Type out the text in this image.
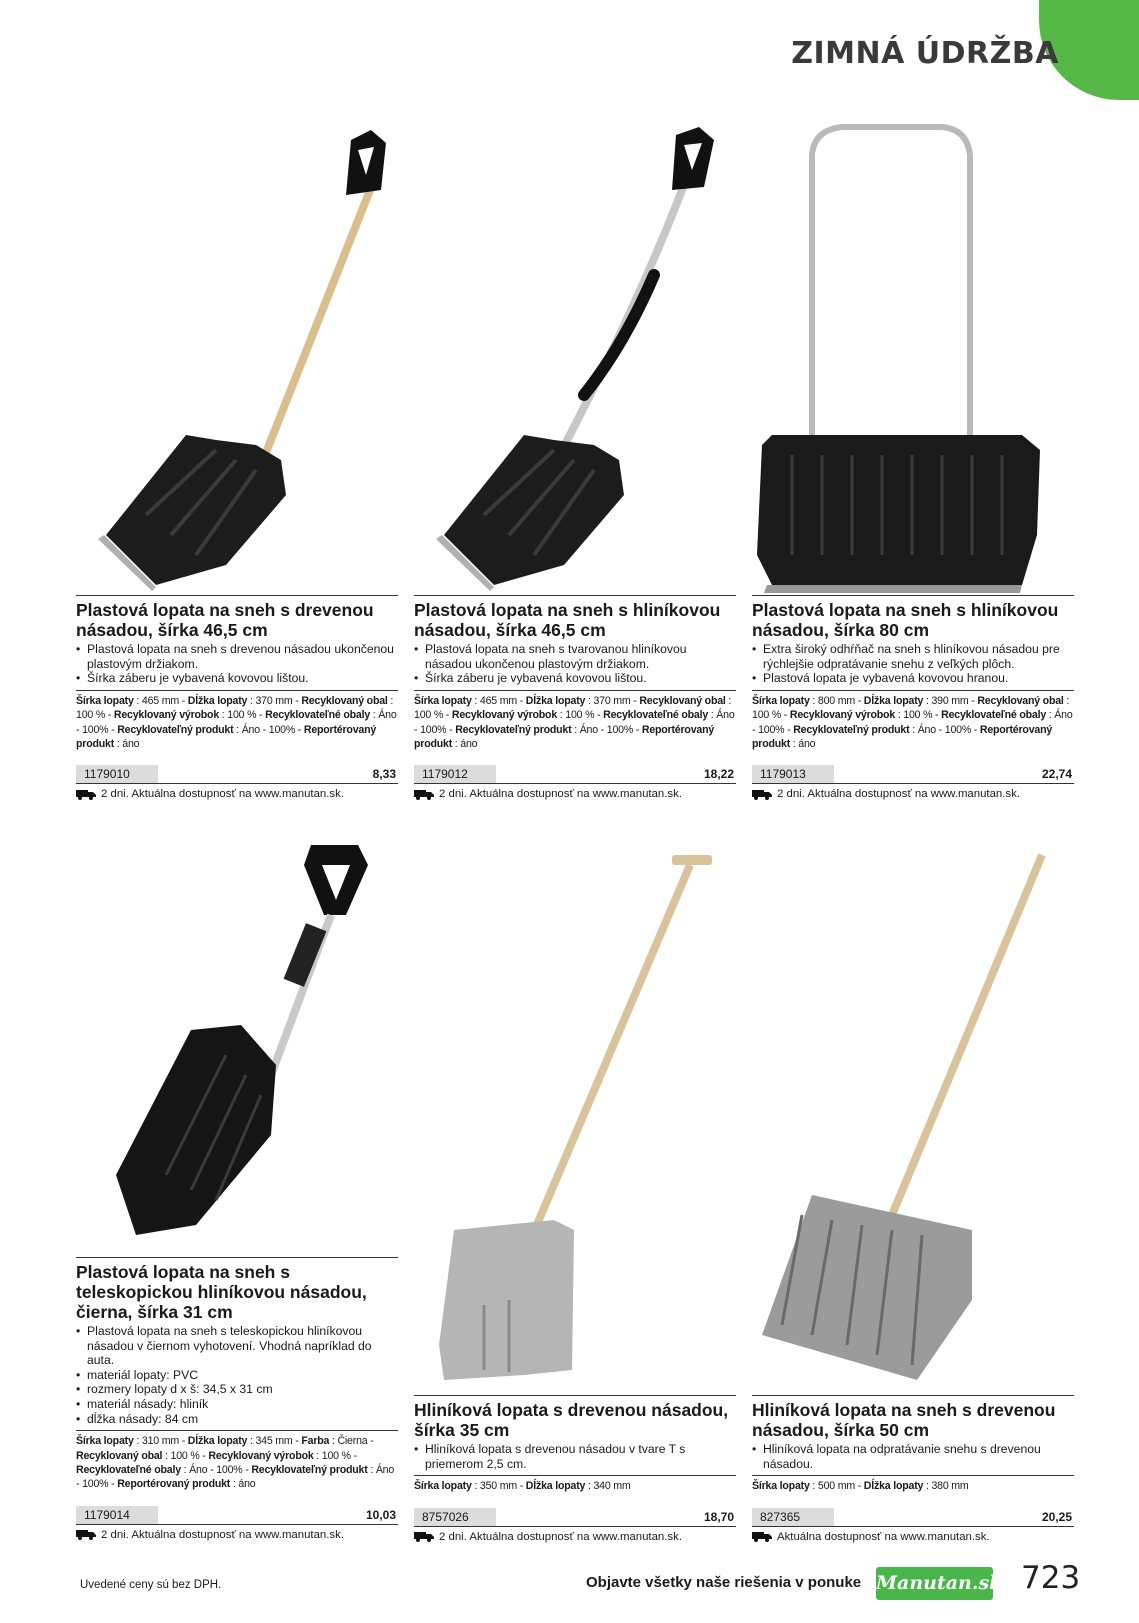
ZIMNÁ ÚDRŽBA
Plastová lopata na sneh s drevenou násadou, šírka 46,5 cm
• Plastová lopata na sneh s drevenou násadou ukončenou plastovým držiakom.
• Šírka záberu je vybavená kovovou lištou.
Šírka lopaty : 465 mm - Dĺžka lopaty : 370 mm - Recyklovaný obal : 100 % - Recyklovaný výrobok : 100 % - Recyklovateľné obaly : Áno - 100% - Recyklovateľný produkt : Áno - 100% - Reportérovaný produkt : áno
1179010	8,33
2 dni. Aktuálna dostupnosť na www.manutan.sk.
Plastová lopata na sneh s hliníkovou násadou, šírka 46,5 cm
• Plastová lopata na sneh s tvarovanou hliníkovou násadou ukončenou plastovým držiakom.
• Šírka záberu je vybavená kovovou lištou.
Šírka lopaty : 465 mm - Dĺžka lopaty : 370 mm - Recyklovaný obal : 100 % - Recyklovaný výrobok : 100 % - Recyklovateľné obaly : Áno - 100% - Recyklovateľný produkt : Áno - 100% - Reportérovaný produkt : áno
1179012	18,22
2 dni. Aktuálna dostupnosť na www.manutan.sk.
Plastová lopata na sneh s hliníkovou násadou, šírka 80 cm
• Extra široký odhŕňač na sneh s hliníkovou násadou pre rýchlejšie odpratávanie snehu z veľkých plôch.
• Plastová lopata je vybavená kovovou hranou.
Šírka lopaty : 800 mm - Dĺžka lopaty : 390 mm - Recyklovaný obal : 100 % - Recyklovaný výrobok : 100 % - Recyklovateľné obaly : Áno - 100% - Recyklovateľný produkt : Áno - 100% - Reportérovaný produkt : áno
1179013	22,74
2 dni. Aktuálna dostupnosť na www.manutan.sk.
Plastová lopata na sneh s teleskopickou hliníkovou násadou, čierna, šírka 31 cm
• Plastová lopata na sneh s teleskopickou hliníkovou násadou v čiernom vyhotovení. Vhodná napríklad do auta.
• materiál lopaty: PVC
• rozmery lopaty d x š: 34,5 x 31 cm
• materiál násady: hliník
• dĺžka násady: 84 cm
Šírka lopaty : 310 mm - Dĺžka lopaty : 345 mm - Farba : Čierna - Recyklovaný obal : 100 % - Recyklovaný výrobok : 100 % - Recyklovateľné obaly : Áno - 100% - Recyklovateľný produkt : Áno - 100% - Reportérovaný produkt : áno
1179014	10,03
2 dni. Aktuálna dostupnosť na www.manutan.sk.
Hliníková lopata s drevenou násadou, šírka 35 cm
• Hliníková lopata s drevenou násadou v tvare T s priemerom 2,5 cm.
Šírka lopaty : 350 mm - Dĺžka lopaty : 340 mm
8757026	18,70
2 dni. Aktuálna dostupnosť na www.manutan.sk.
Hliníková lopata na sneh s drevenou násadou, šírka 50 cm
• Hliníková lopata na odpratávanie snehu s drevenou násadou.
Šírka lopaty : 500 mm - Dĺžka lopaty : 380 mm
827365	20,25
Aktuálna dostupnosť na www.manutan.sk.
Uvedené ceny sú bez DPH.	Objavte všetky naše riešenia v ponuke Manutan.sk 723
